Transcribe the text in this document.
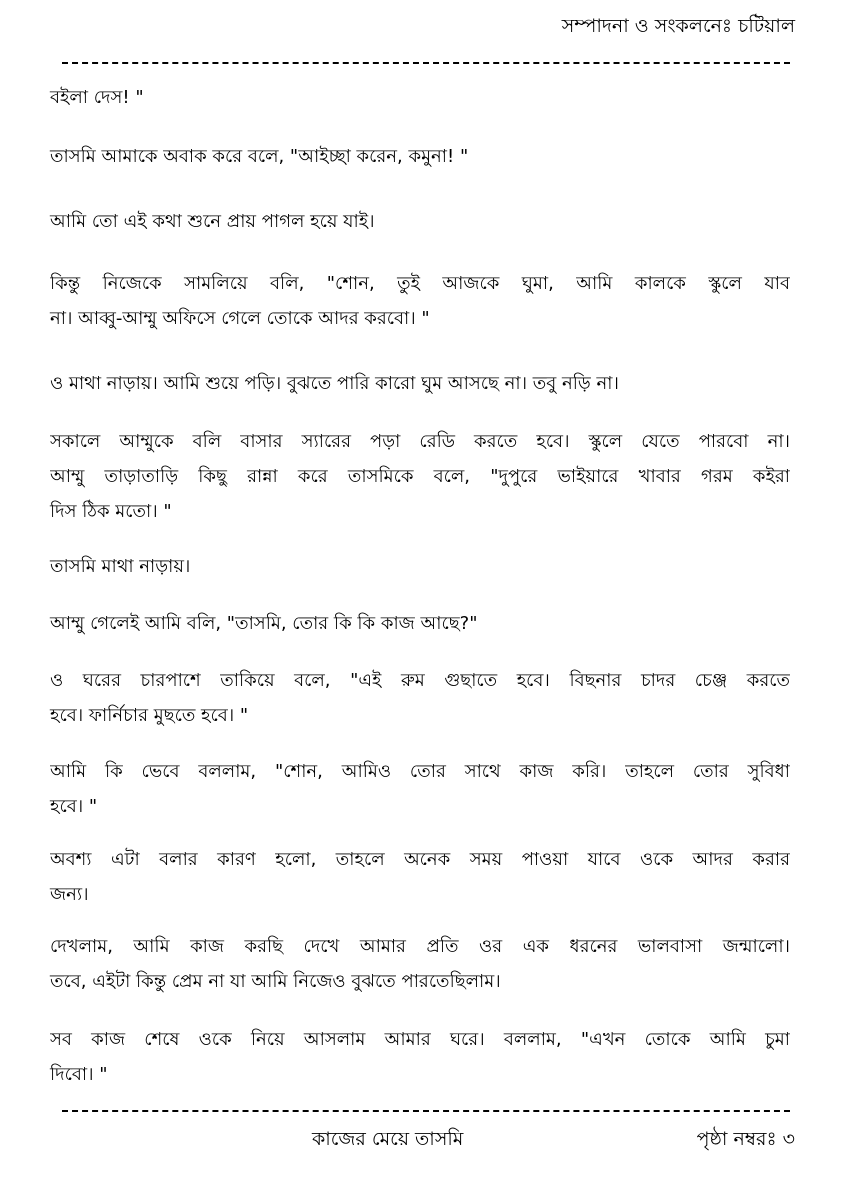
সম্পাদনা ও সংকলনেঃ চটিয়াল
বইলা দেস! "
তাসমি আমাকে অবাক করে বলে, "আইচ্ছা করেন, কমুনা! "
আমি তো এই কথা শুনে প্রায় পাগল হয়ে যাই।
কিন্তু নিজেকে সামলিয়ে বলি, "শোন, তুই আজকে ঘুমা, আমি কালকে স্কুলে যাব
না। আব্বু-আম্মু অফিসে গেলে তোকে আদর করবো। "
ও মাথা নাড়ায়। আমি শুয়ে পড়ি। বুঝতে পারি কারো ঘুম আসছে না। তবু নড়ি না।
সকালে আম্মুকে বলি বাসার স্যারের পড়া রেডি করতে হবে। স্কুলে যেতে পারবো না।
আম্মু তাড়াতাড়ি কিছু রান্না করে তাসমিকে বলে, "দুপুরে ভাইয়ারে খাবার গরম কইরা
দিস ঠিক মতো। "
তাসমি মাথা নাড়ায়।
আম্মু গেলেই আমি বলি, "তাসমি, তোর কি কি কাজ আছে?"
ও ঘরের চারপাশে তাকিয়ে বলে, "এই রুম গুছাতে হবে। বিছনার চাদর চেঞ্জ করতে
হবে। ফার্নিচার মুছতে হবে। "
আমি কি ভেবে বললাম, "শোন, আমিও তোর সাথে কাজ করি। তাহলে তোর সুবিধা
হবে। "
অবশ্য এটা বলার কারণ হলো, তাহলে অনেক সময় পাওয়া যাবে ওকে আদর করার
জন্য।
দেখলাম, আমি কাজ করছি দেখে আমার প্রতি ওর এক ধরনের ভালবাসা জন্মালো।
তবে, এইটা কিন্তু প্রেম না যা আমি নিজেও বুঝতে পারতেছিলাম।
সব কাজ শেষে ওকে নিয়ে আসলাম আমার ঘরে। বললাম, "এখন তোকে আমি চুমা
দিবো। "
কাজের মেয়ে তাসমি	পৃষ্ঠা নম্বরঃ ৩
